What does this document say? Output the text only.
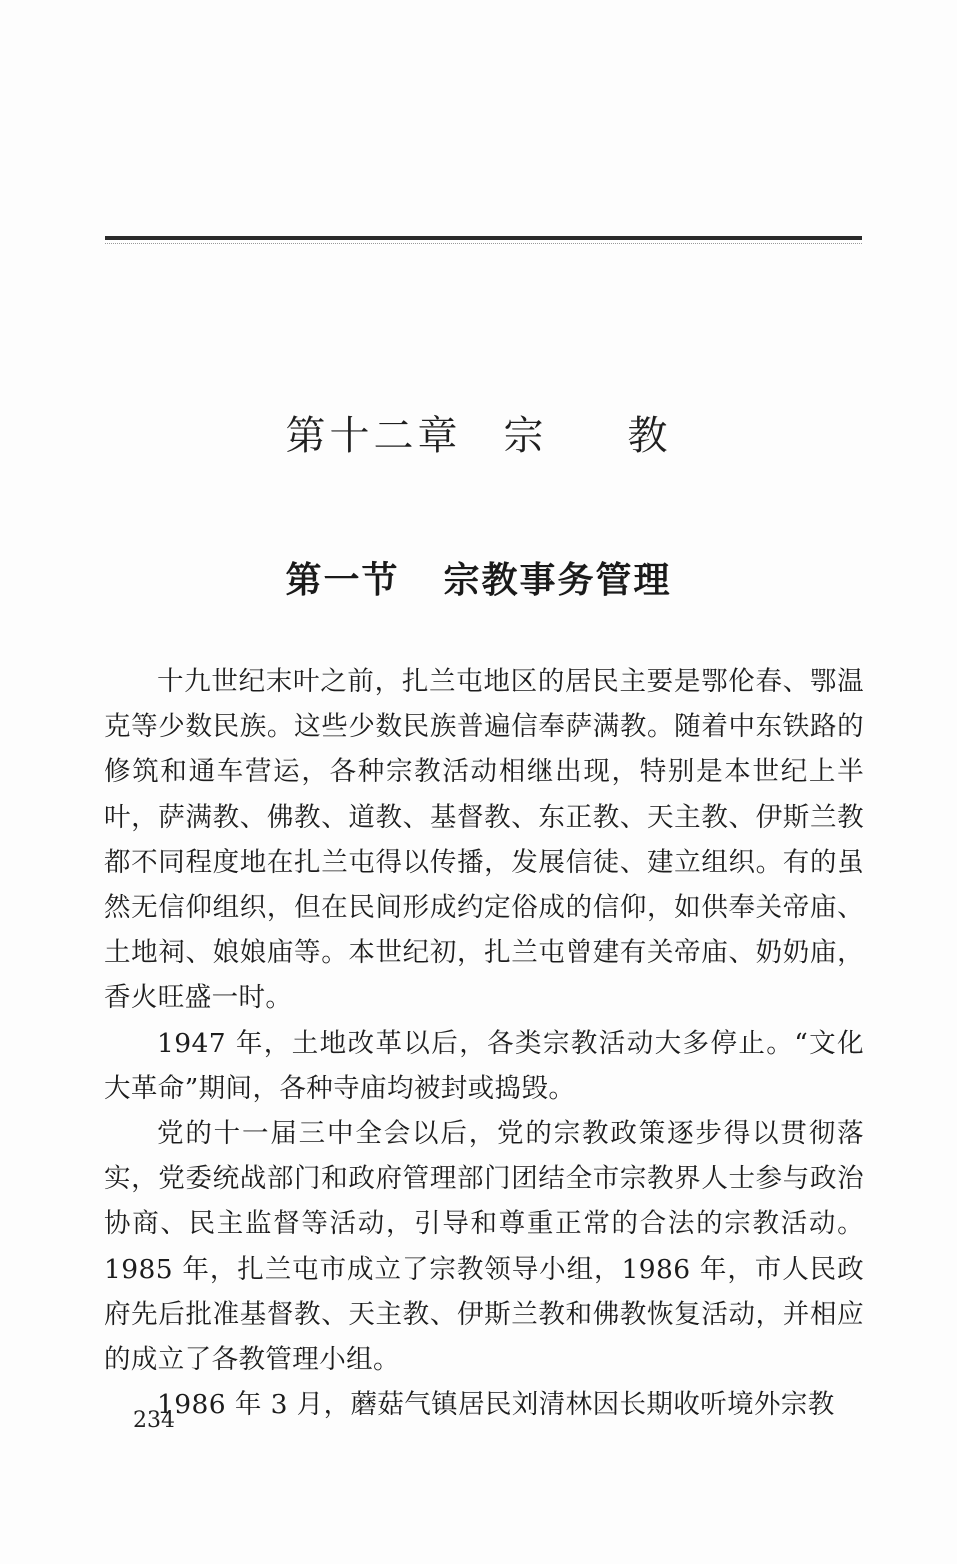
第十二章 宗 教
第一节 宗教事务管理

十九世纪末叶之前，扎兰屯地区的居民主要是鄂伦春、鄂温克等少数民族。这些少数民族普遍信奉萨满教。随着中东铁路的修筑和通车营运，各种宗教活动相继出现，特别是本世纪上半叶，萨满教、佛教、道教、基督教、东正教、天主教、伊斯兰教都不同程度地在扎兰屯得以传播，发展信徒、建立组织。有的虽然无信仰组织，但在民间形成约定俗成的信仰，如供奉关帝庙、土地祠、娘娘庙等。本世纪初，扎兰屯曾建有关帝庙、奶奶庙，香火旺盛一时。

1947 年，土地改革以后，各类宗教活动大多停止。“文化大革命”期间，各种寺庙均被封或捣毁。

党的十一届三中全会以后，党的宗教政策逐步得以贯彻落实，党委统战部门和政府管理部门团结全市宗教界人士参与政治协商、民主监督等活动，引导和尊重正常的合法的宗教活动。1985 年，扎兰屯市成立了宗教领导小组，1986 年，市人民政府先后批准基督教、天主教、伊斯兰教和佛教恢复活动，并相应的成立了各教管理小组。

1986 年 3 月，蘑菇气镇居民刘清林因长期收听境外宗教

234
